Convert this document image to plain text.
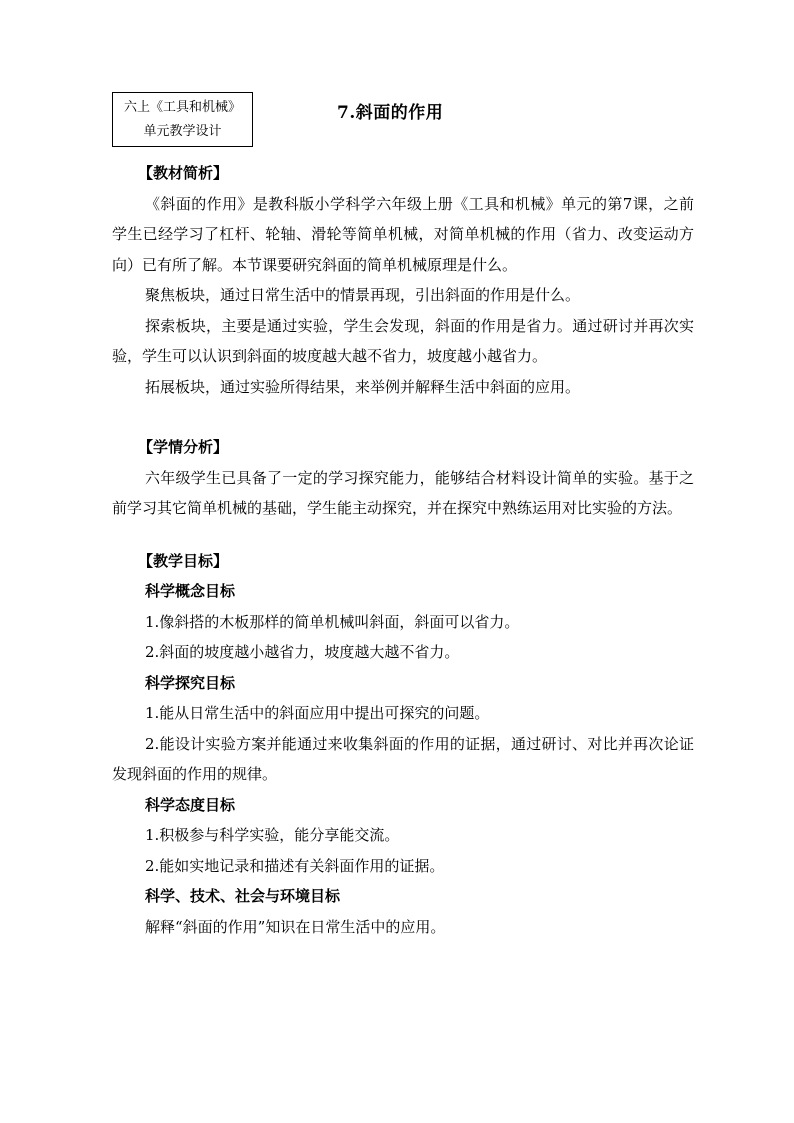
六上《工具和机械》
单元教学设计
7.斜面的作用

【教材简析】

《斜面的作用》是教科版小学科学六年级上册《工具和机械》单元的第7课，之前学生已经学习了杠杆、轮轴、滑轮等简单机械，对简单机械的作用（省力、改变运动方向）已有所了解。本节课要研究斜面的简单机械原理是什么。

聚焦板块，通过日常生活中的情景再现，引出斜面的作用是什么。

探索板块，主要是通过实验，学生会发现，斜面的作用是省力。通过研讨并再次实验，学生可以认识到斜面的坡度越大越不省力，坡度越小越省力。

拓展板块，通过实验所得结果，来举例并解释生活中斜面的应用。

【学情分析】

六年级学生已具备了一定的学习探究能力，能够结合材料设计简单的实验。基于之前学习其它简单机械的基础，学生能主动探究，并在探究中熟练运用对比实验的方法。

【教学目标】

科学概念目标

1.像斜搭的木板那样的简单机械叫斜面，斜面可以省力。

2.斜面的坡度越小越省力，坡度越大越不省力。

科学探究目标

1.能从日常生活中的斜面应用中提出可探究的问题。

2.能设计实验方案并能通过来收集斜面的作用的证据，通过研讨、对比并再次论证发现斜面的作用的规律。

科学态度目标

1.积极参与科学实验，能分享能交流。

2.能如实地记录和描述有关斜面作用的证据。

科学、技术、社会与环境目标

解释“斜面的作用”知识在日常生活中的应用。
